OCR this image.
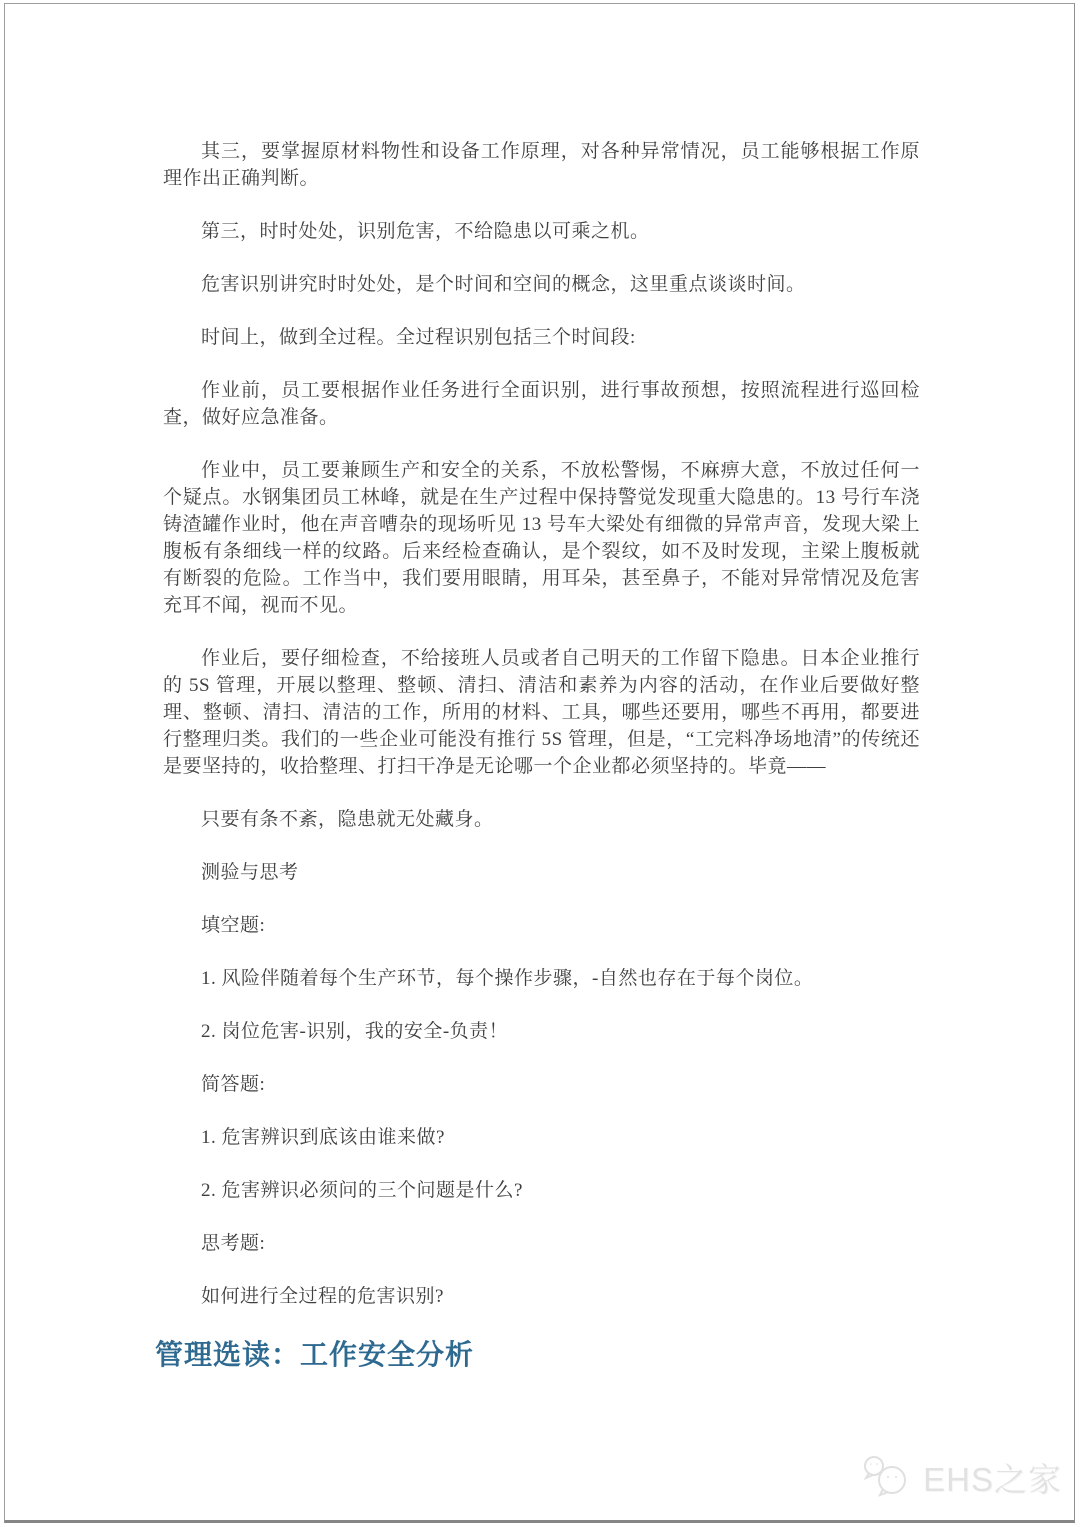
其三，要掌握原材料物性和设备工作原理，对各种异常情况，员工能够根据工作原理作出正确判断。

第三，时时处处，识别危害，不给隐患以可乘之机。

危害识别讲究时时处处，是个时间和空间的概念，这里重点谈谈时间。

时间上，做到全过程。全过程识别包括三个时间段:

作业前，员工要根据作业任务进行全面识别，进行事故预想，按照流程进行巡回检查，做好应急准备。

作业中，员工要兼顾生产和安全的关系，不放松警惕，不麻痹大意，不放过任何一个疑点。水钢集团员工林峰，就是在生产过程中保持警觉发现重大隐患的。13 号行车浇铸渣罐作业时，他在声音嘈杂的现场听见 13 号车大梁处有细微的异常声音，发现大梁上腹板有条细线一样的纹路。后来经检查确认，是个裂纹，如不及时发现，主梁上腹板就有断裂的危险。工作当中，我们要用眼睛，用耳朵，甚至鼻子，不能对异常情况及危害充耳不闻，视而不见。

作业后，要仔细检查，不给接班人员或者自己明天的工作留下隐患。日本企业推行的 5S 管理，开展以整理、整顿、清扫、清洁和素养为内容的活动，在作业后要做好整理、整顿、清扫、清洁的工作，所用的材料、工具，哪些还要用，哪些不再用，都要进行整理归类。我们的一些企业可能没有推行 5S 管理，但是，“工完料净场地清”的传统还是要坚持的，收拾整理、打扫干净是无论哪一个企业都必须坚持的。毕竟——

只要有条不紊，隐患就无处藏身。

测验与思考

填空题:

1. 风险伴随着每个生产环节，每个操作步骤，-自然也存在于每个岗位。

2. 岗位危害-识别，我的安全-负责！

简答题:

1. 危害辨识到底该由谁来做?

2. 危害辨识必须问的三个问题是什么?

思考题:

如何进行全过程的危害识别?

管理选读：工作安全分析
EHS之家
